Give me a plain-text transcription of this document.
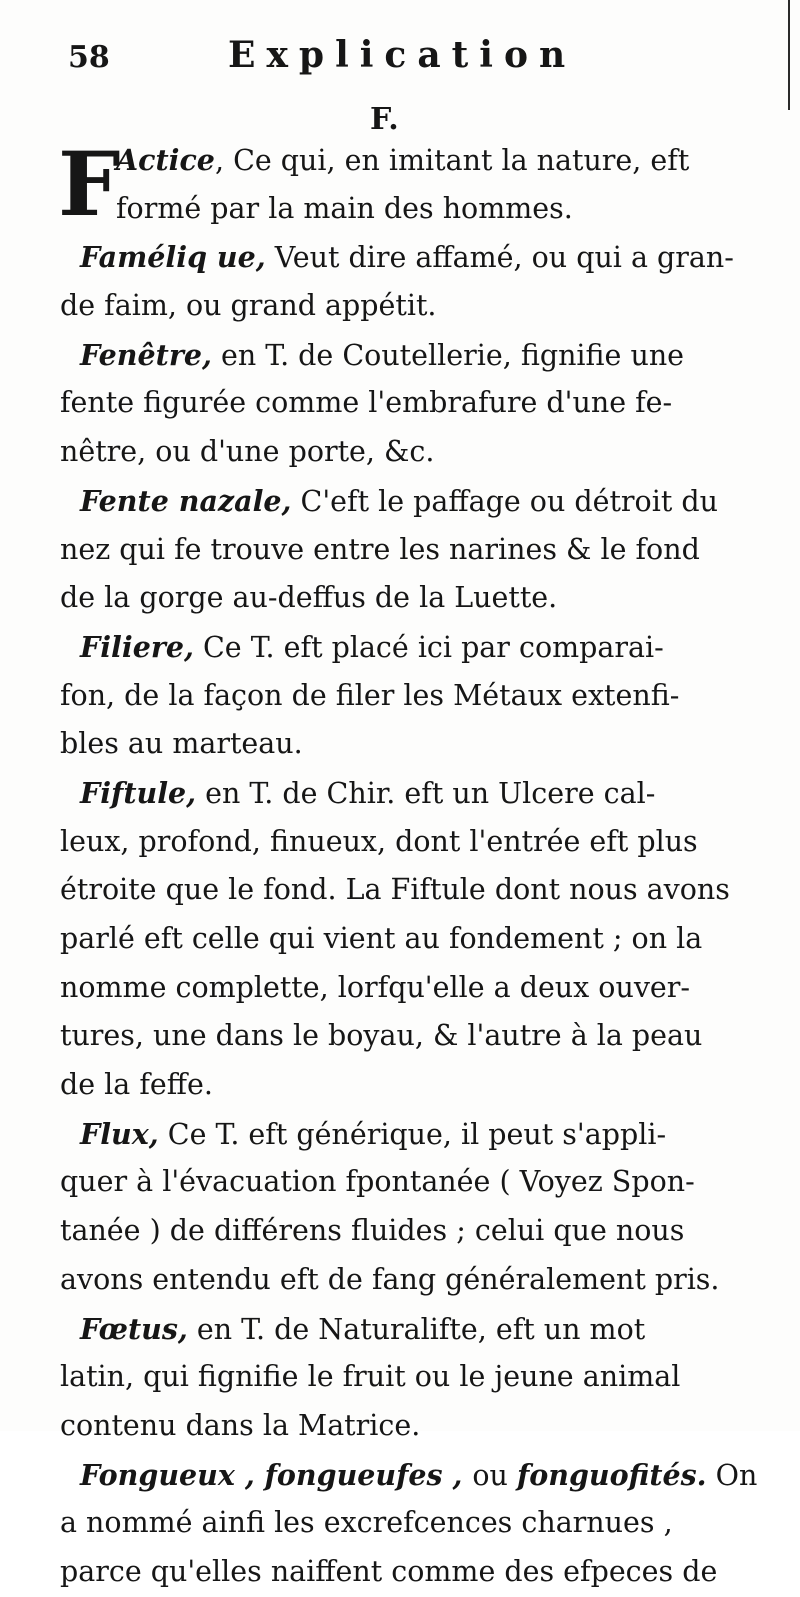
58	Explication
F.
F
Actice, Ce qui, en imitant la nature, eft
formé par la main des hommes.
Faméliq ue, Veut dire affamé, ou qui a gran-
de faim, ou grand appétit.
Fenêtre, en T. de Coutellerie, fignifie une
fente figurée comme l'embrafure d'une fe-
nêtre, ou d'une porte, &c.
Fente nazale, C'eft le paffage ou détroit du
nez qui fe trouve entre les narines & le fond
de la gorge au-deffus de la Luette.
Filiere, Ce T. eft placé ici par comparai-
fon, de la façon de filer les Métaux extenfi-
bles au marteau.
Fiftule, en T. de Chir. eft un Ulcere cal-
leux, profond, finueux, dont l'entrée eft plus
étroite que le fond. La Fiftule dont nous avons
parlé eft celle qui vient au fondement ; on la
nomme complette, lorfqu'elle a deux ouver-
tures, une dans le boyau, & l'autre à la peau
de la feffe.
Flux, Ce T. eft générique, il peut s'appli-
quer à l'évacuation fpontanée ( Voyez Spon-
tanée ) de différens fluides ; celui que nous
avons entendu eft de fang généralement pris.
Fœtus, en T. de Naturalifte, eft un mot
latin, qui fignifie le fruit ou le jeune animal
contenu dans la Matrice.
Fongueux , fongueufes , ou fonguofités. On
a nommé ainfi les excrefcences charnues ,
parce qu'elles naiffent comme des efpeces de
